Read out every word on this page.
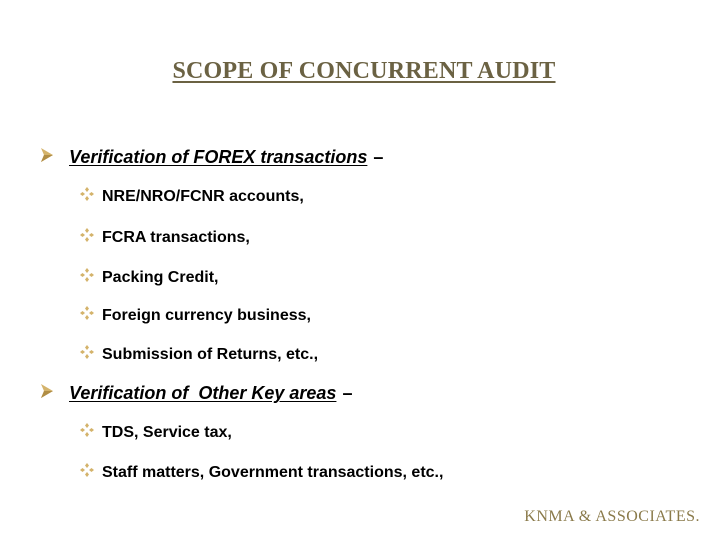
SCOPE OF CONCURRENT AUDIT
Verification of FOREX transactions –
NRE/NRO/FCNR accounts,
FCRA transactions,
Packing Credit,
Foreign currency business,
Submission of Returns, etc.,
Verification of  Other Key areas –
TDS, Service tax,
Staff matters, Government transactions, etc.,
KNMA & ASSOCIATES.
